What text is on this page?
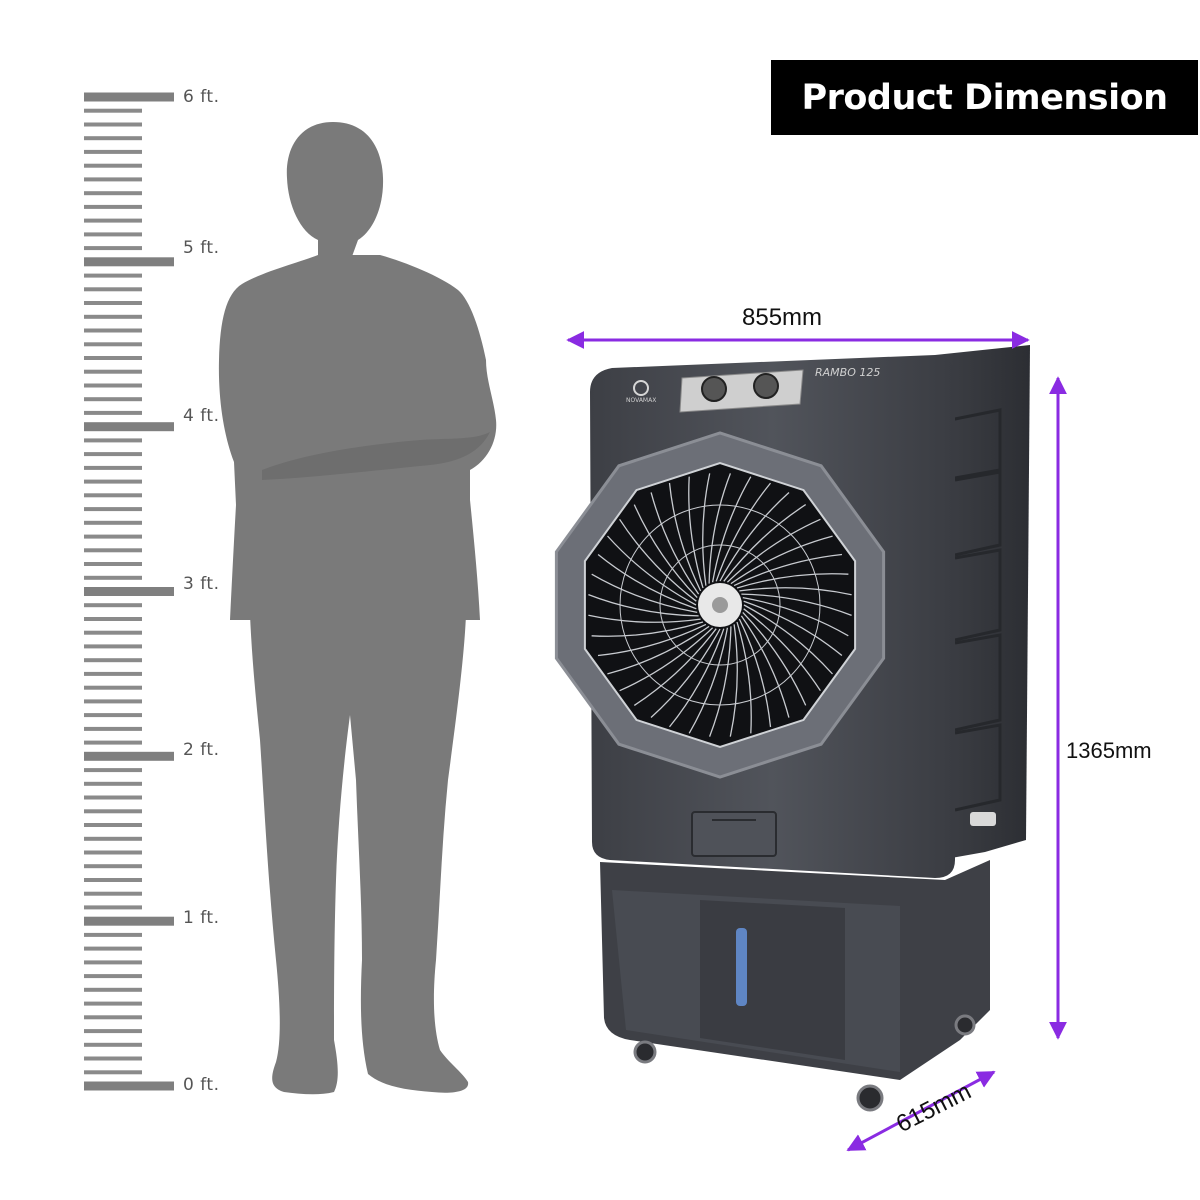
Product Dimension
6 ft.
5 ft.
4 ft.
3 ft.
2 ft.
1 ft.
0 ft.
NOVAMAX
RAMBO 125
855mm
1365mm
615mm
